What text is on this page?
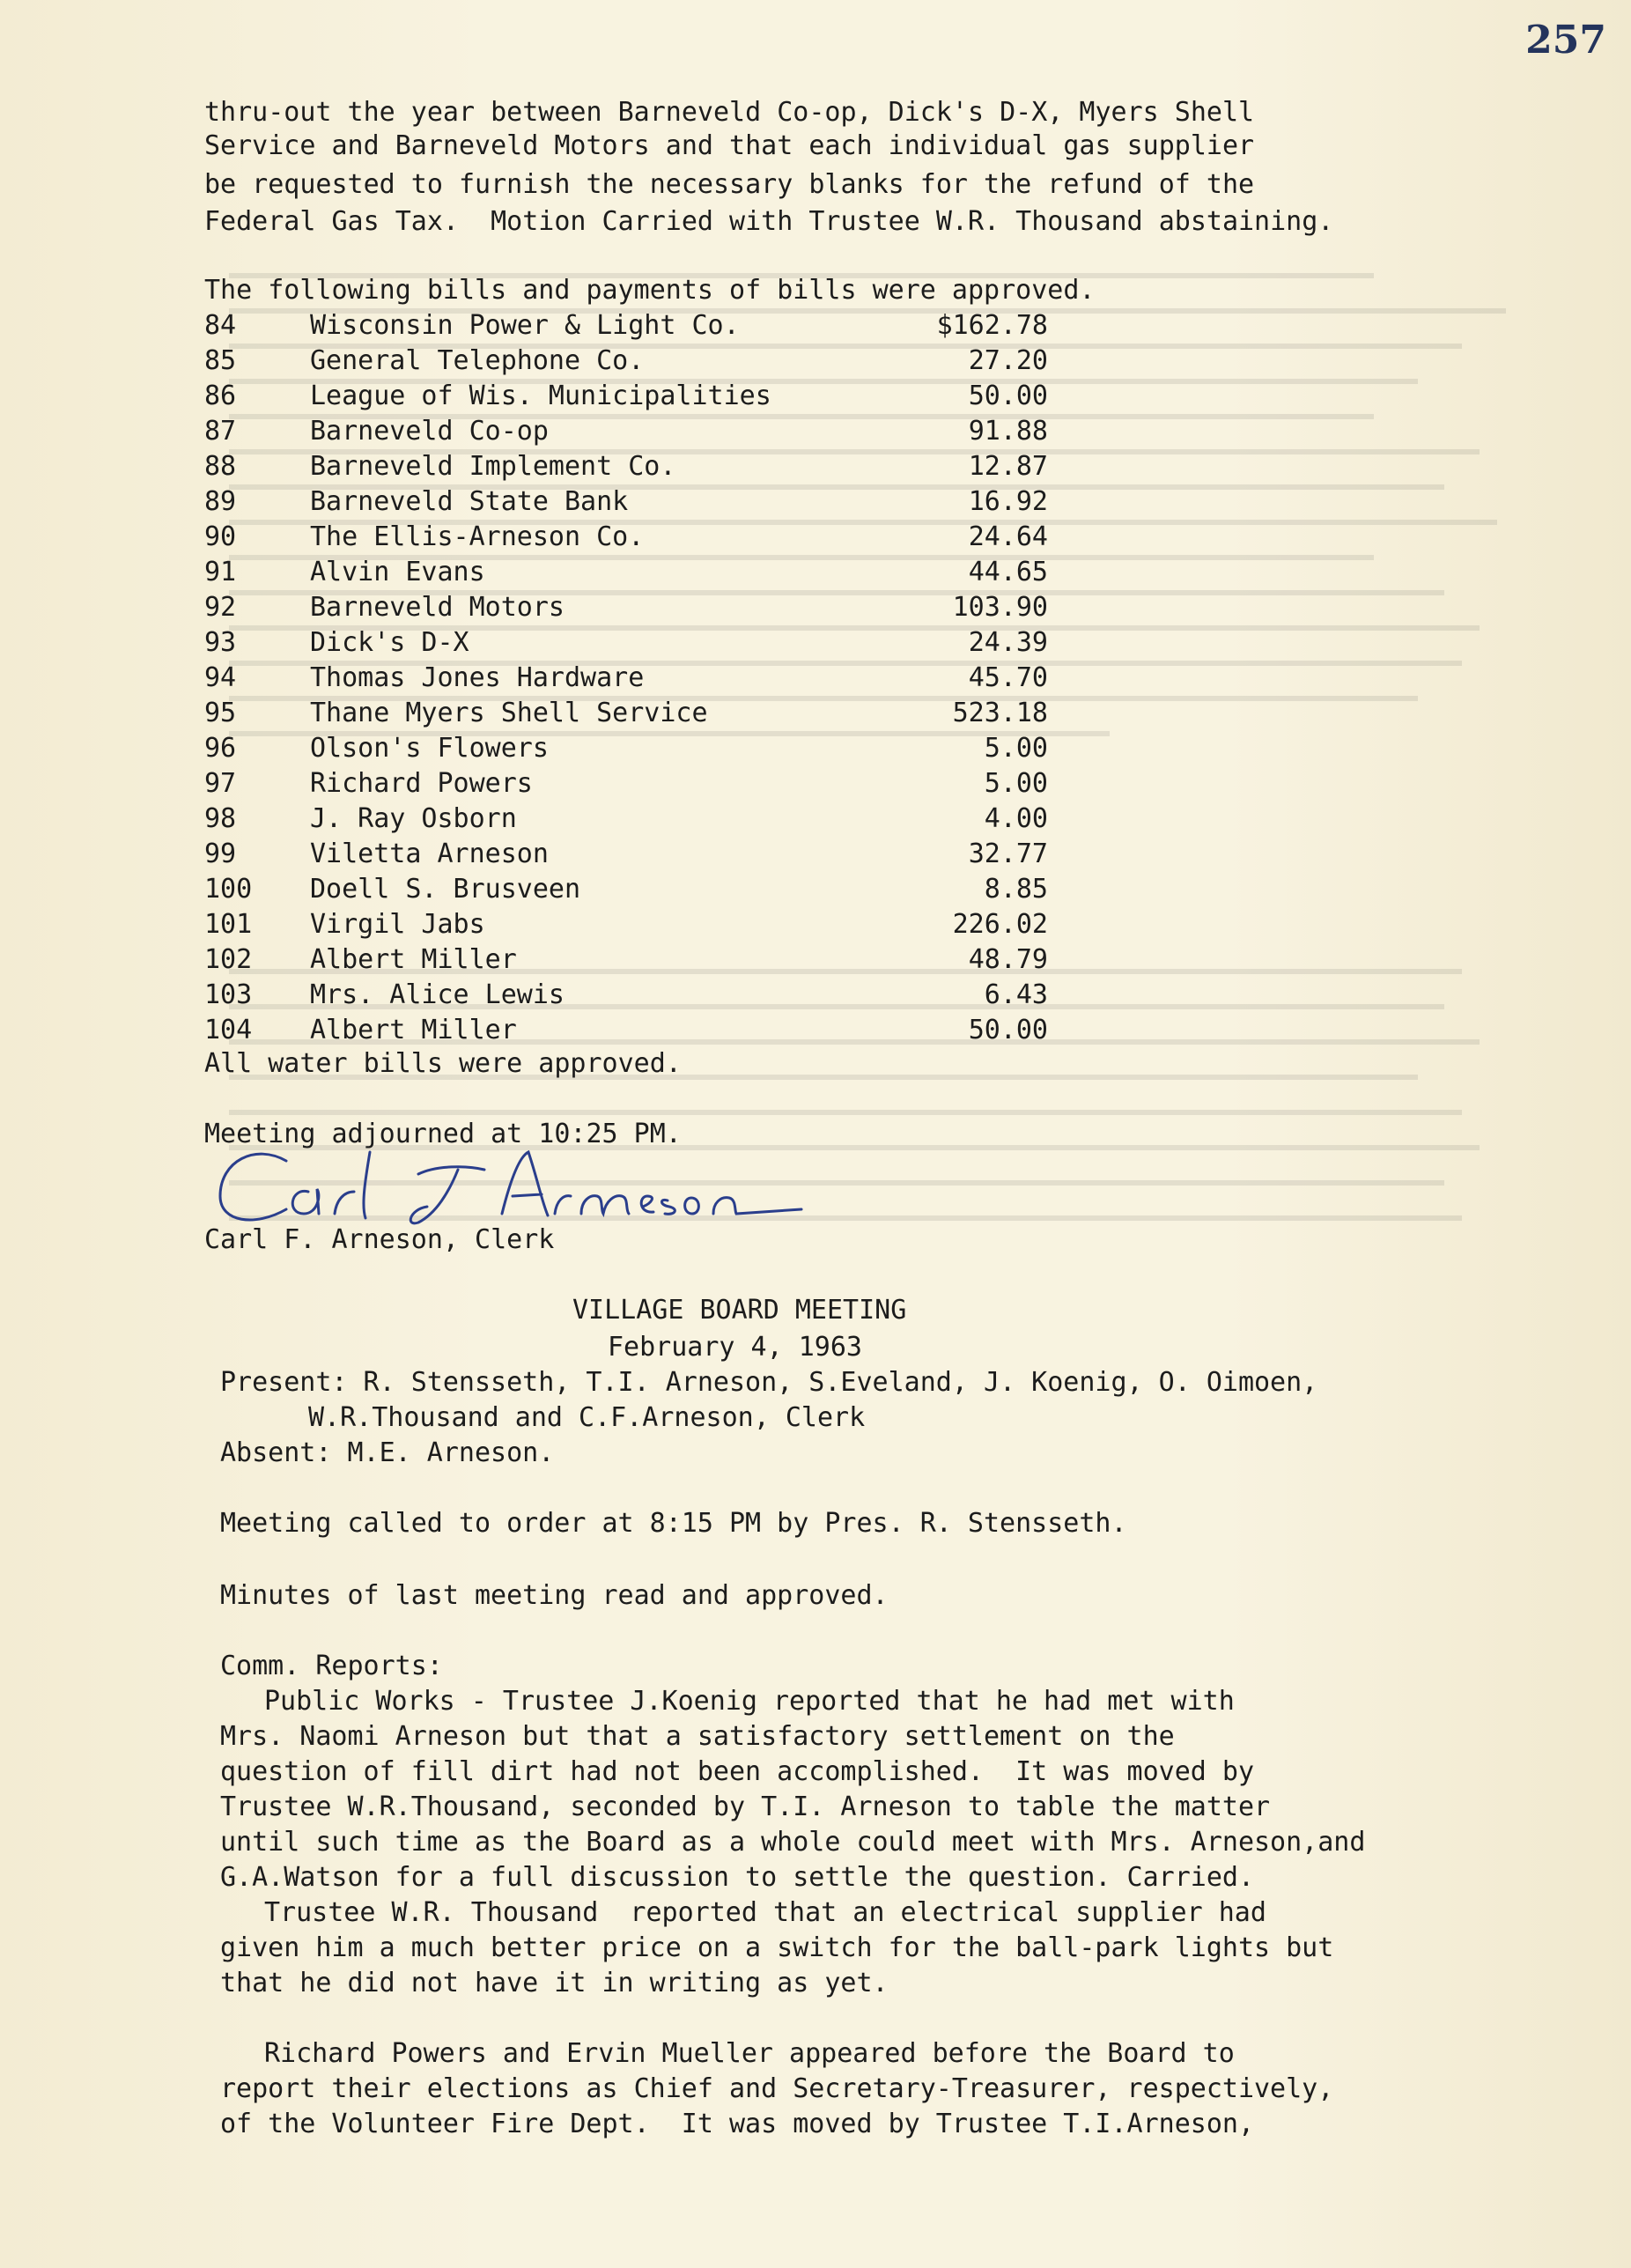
257
thru-out the year between Barneveld Co-op, Dick's D-X, Myers Shell
Service and Barneveld Motors and that each individual gas supplier
be requested to furnish the necessary blanks for the refund of the
Federal Gas Tax.  Motion Carried with Trustee W.R. Thousand abstaining.
The following bills and payments of bills were approved.
84	Wisconsin Power & Light Co.	$162.78
85	General Telephone Co.	27.20
86	League of Wis. Municipalities	50.00
87	Barneveld Co-op	91.88
88	Barneveld Implement Co.	12.87
89	Barneveld State Bank	16.92
90	The Ellis-Arneson Co.	24.64
91	Alvin Evans	44.65
92	Barneveld Motors	103.90
93	Dick's D-X	24.39
94	Thomas Jones Hardware	45.70
95	Thane Myers Shell Service	523.18
96	Olson's Flowers	5.00
97	Richard Powers	5.00
98	J. Ray Osborn	4.00
99	Viletta Arneson	32.77
100 Doell S. Brusveen	8.85
101 Virgil Jabs	226.02
102 Albert Miller	48.79
103 Mrs. Alice Lewis	6.43
104 Albert Miller	50.00
All water bills were approved.
Meeting adjourned at 10:25 PM.
Carl F. Arneson, Clerk
VILLAGE BOARD MEETING
February 4, 1963
Present: R. Stensseth, T.I. Arneson, S.Eveland, J. Koenig, O. Oimoen,
W.R.Thousand and C.F.Arneson, Clerk
Absent: M.E. Arneson.
Meeting called to order at 8:15 PM by Pres. R. Stensseth.
Minutes of last meeting read and approved.
Comm. Reports:
Public Works - Trustee J.Koenig reported that he had met with
Mrs. Naomi Arneson but that a satisfactory settlement on the
question of fill dirt had not been accomplished.  It was moved by
Trustee W.R.Thousand, seconded by T.I. Arneson to table the matter
until such time as the Board as a whole could meet with Mrs. Arneson,and
G.A.Watson for a full discussion to settle the question. Carried.
Trustee W.R. Thousand  reported that an electrical supplier had
given him a much better price on a switch for the ball-park lights but
that he did not have it in writing as yet.
Richard Powers and Ervin Mueller appeared before the Board to
report their elections as Chief and Secretary-Treasurer, respectively,
of the Volunteer Fire Dept.  It was moved by Trustee T.I.Arneson,
